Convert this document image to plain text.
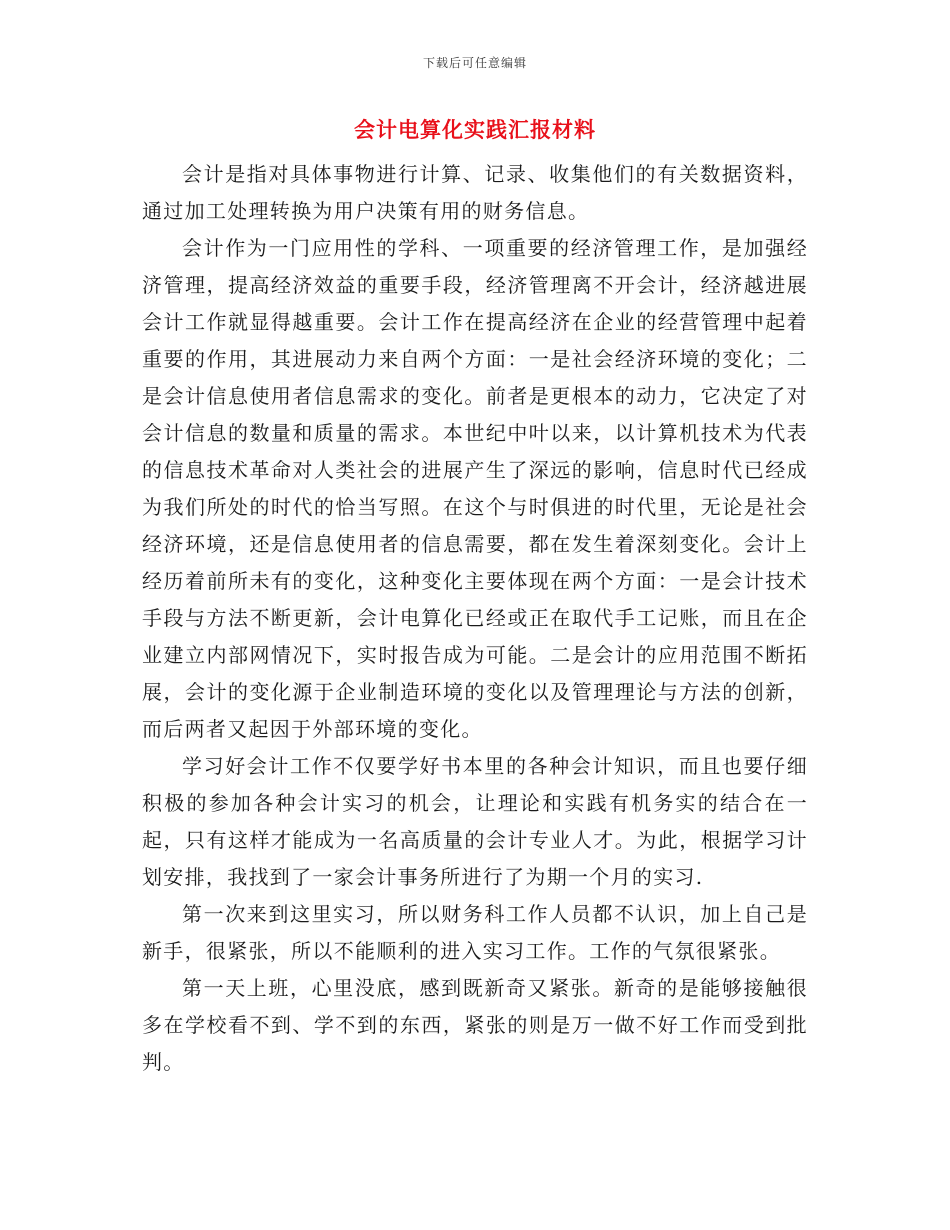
下载后可任意编辑
会计电算化实践汇报材料

会计是指对具体事物进行计算、记录、收集他们的有关数据资料，通过加工处理转换为用户决策有用的财务信息。

会计作为一门应用性的学科、一项重要的经济管理工作，是加强经济管理，提高经济效益的重要手段，经济管理离不开会计，经济越进展会计工作就显得越重要。会计工作在提高经济在企业的经营管理中起着重要的作用，其进展动力来自两个方面：一是社会经济环境的变化；二是会计信息使用者信息需求的变化。前者是更根本的动力，它决定了对会计信息的数量和质量的需求。本世纪中叶以来，以计算机技术为代表的信息技术革命对人类社会的进展产生了深远的影响，信息时代已经成为我们所处的时代的恰当写照。在这个与时俱进的时代里，无论是社会经济环境，还是信息使用者的信息需要，都在发生着深刻变化。会计上经历着前所未有的变化，这种变化主要体现在两个方面：一是会计技术手段与方法不断更新，会计电算化已经或正在取代手工记账，而且在企业建立内部网情况下，实时报告成为可能。二是会计的应用范围不断拓展，会计的变化源于企业制造环境的变化以及管理理论与方法的创新，而后两者又起因于外部环境的变化。

学习好会计工作不仅要学好书本里的各种会计知识，而且也要仔细积极的参加各种会计实习的机会，让理论和实践有机务实的结合在一起，只有这样才能成为一名高质量的会计专业人才。为此，根据学习计划安排，我找到了一家会计事务所进行了为期一个月的实习.

第一次来到这里实习，所以财务科工作人员都不认识，加上自己是新手，很紧张，所以不能顺利的进入实习工作。工作的气氛很紧张。

第一天上班，心里没底，感到既新奇又紧张。新奇的是能够接触很多在学校看不到、学不到的东西，紧张的则是万一做不好工作而受到批判。
